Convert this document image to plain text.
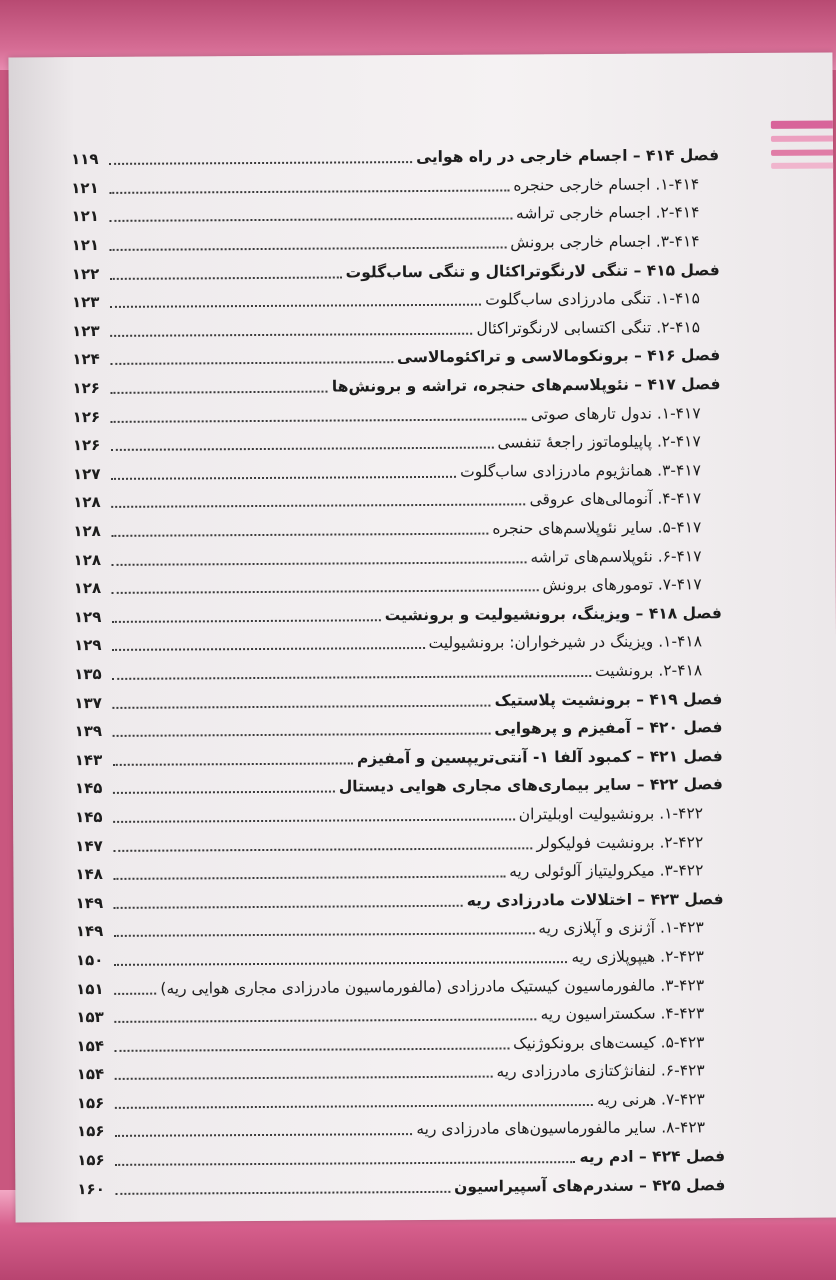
فصل ۴۱۴ – اجسام خارجی در راه هوایی
۱۱۹
۱-۴۱۴. اجسام خارجی حنجره
۱۲۱
۲-۴۱۴. اجسام خارجی تراشه
۱۲۱
۳-۴۱۴. اجسام خارجی برونش
۱۲۱
فصل ۴۱۵ – تنگی لارنگوتراکئال و تنگی ساب‌گلوت
۱۲۲
۱-۴۱۵. تنگی مادرزادی ساب‌گلوت
۱۲۳
۲-۴۱۵. تنگی اکتسابی لارنگوتراکئال
۱۲۳
فصل ۴۱۶ – برونکومالاسی و تراکئومالاسی
۱۲۴
فصل ۴۱۷ – نئوپلاسم‌های حنجره، تراشه و برونش‌ها
۱۲۶
۱-۴۱۷. ندول تارهای صوتی
۱۲۶
۲-۴۱۷. پاپیلوماتوز راجعهٔ تنفسی
۱۲۶
۳-۴۱۷. همانژیوم مادرزادی ساب‌گلوت
۱۲۷
۴-۴۱۷. آنومالی‌های عروقی
۱۲۸
۵-۴۱۷. سایر نئوپلاسم‌های حنجره
۱۲۸
۶-۴۱۷. نئوپلاسم‌های تراشه
۱۲۸
۷-۴۱۷. تومورهای برونش
۱۲۸
فصل ۴۱۸ – ویزینگ، برونشیولیت و برونشیت
۱۲۹
۱-۴۱۸. ویزینگ در شیرخواران: برونشیولیت
۱۲۹
۲-۴۱۸. برونشیت
۱۳۵
فصل ۴۱۹ – برونشیت پلاستیک
۱۳۷
فصل ۴۲۰ – آمفیزم و پرهوایی
۱۳۹
فصل ۴۲۱ – کمبود آلفا ۱- آنتی‌تریپسین و آمفیزم
۱۴۳
فصل ۴۲۲ – سایر بیماری‌های مجاری هوایی دیستال
۱۴۵
۱-۴۲۲. برونشیولیت اوبلیتران
۱۴۵
۲-۴۲۲. برونشیت فولیکولر
۱۴۷
۳-۴۲۲. میکرولیتیاز آلوئولی ریه
۱۴۸
فصل ۴۲۳ – اختلالات مادرزادی ریه
۱۴۹
۱-۴۲۳. آژنزی و آپلازی ریه
۱۴۹
۲-۴۲۳. هیپوپلازی ریه
۱۵۰
۳-۴۲۳. مالفورماسیون کیستیک مادرزادی (مالفورماسیون مادرزادی مجاری هوایی ریه)
۱۵۱
۴-۴۲۳. سکستراسیون ریه
۱۵۳
۵-۴۲۳. کیست‌های برونکوژنیک
۱۵۴
۶-۴۲۳. لنفانژکتازی مادرزادی ریه
۱۵۴
۷-۴۲۳. هرنی ریه
۱۵۶
۸-۴۲۳. سایر مالفورماسیون‌های مادرزادی ریه
۱۵۶
فصل ۴۲۴ – ادم ریه
۱۵۶
فصل ۴۲۵ – سندرم‌های آسپیراسیون
۱۶۰
